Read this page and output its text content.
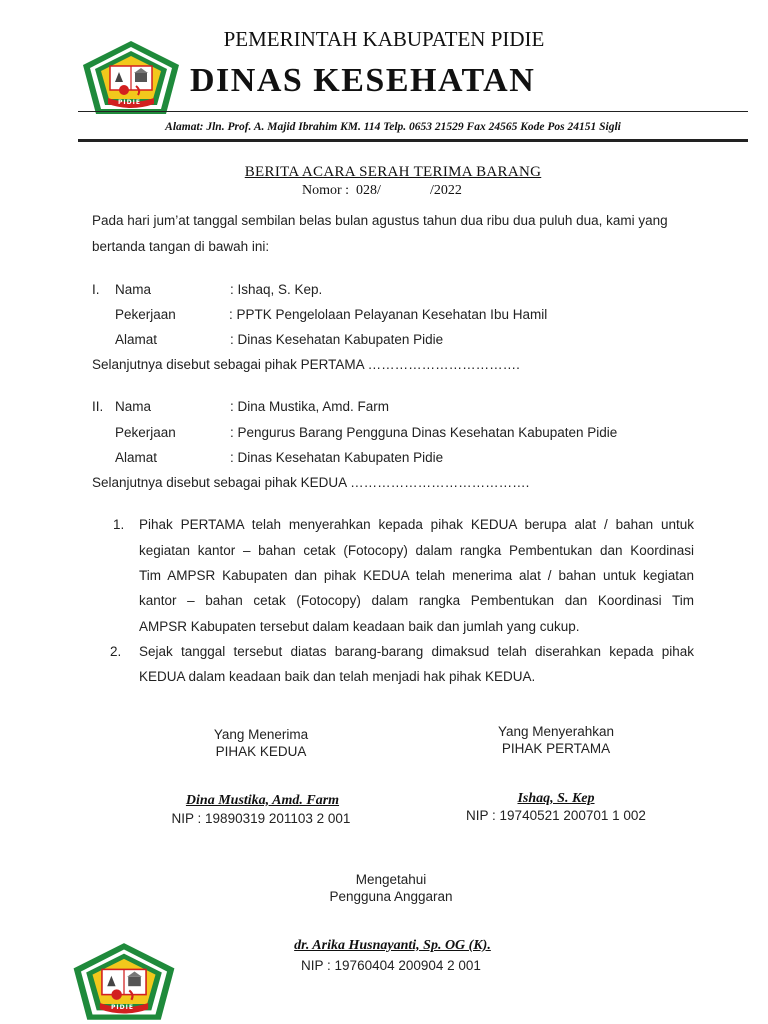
PIDIE
PEMERINTAH KABUPATEN PIDIE
DINAS KESEHATAN
Alamat: Jln. Prof. A. Majid Ibrahim KM. 114 Telp. 0653 21529 Fax 24565 Kode Pos 24151 Sigli
BERITA ACARA SERAH TERIMA BARANG
Nomor :  028/              /2022
Pada hari jum’at tanggal sembilan belas bulan agustus tahun dua ribu dua puluh dua, kami yang
bertanda tangan di bawah ini:
I. Nama	: Ishaq, S. Kep.
Pekerjaan	: PPTK Pengelolaan Pelayanan Kesehatan Ibu Hamil
Alamat	: Dinas Kesehatan Kabupaten Pidie
Selanjutnya disebut sebagai pihak PERTAMA …………………………….
II. Nama	: Dina Mustika, Amd. Farm
Pekerjaan	: Pengurus Barang Pengguna Dinas Kesehatan Kabupaten Pidie
Alamat	: Dinas Kesehatan Kabupaten Pidie
Selanjutnya disebut sebagai pihak KEDUA ………………………………….
1. Pihak PERTAMA telah menyerahkan kepada pihak KEDUA berupa alat / bahan untuk
kegiatan kantor – bahan cetak (Fotocopy) dalam rangka Pembentukan dan Koordinasi
Tim AMPSR Kabupaten dan pihak KEDUA telah menerima alat / bahan untuk kegiatan
kantor – bahan cetak (Fotocopy) dalam rangka Pembentukan dan Koordinasi Tim
AMPSR Kabupaten tersebut dalam keadaan baik dan jumlah yang cukup.
2. Sejak tanggal tersebut diatas barang-barang dimaksud telah diserahkan kepada pihak
KEDUA dalam keadaan baik dan telah menjadi hak pihak KEDUA.
Yang Menerima
PIHAK KEDUA
Dina Mustika, Amd. Farm
NIP : 19890319 201103 2 001
Yang Menyerahkan
PIHAK PERTAMA
Ishaq, S. Kep
NIP : 19740521 200701 1 002
Mengetahui
Pengguna Anggaran
dr. Arika Husnayanti, Sp. OG (K).
NIP : 19760404 200904 2 001
PIDIE
